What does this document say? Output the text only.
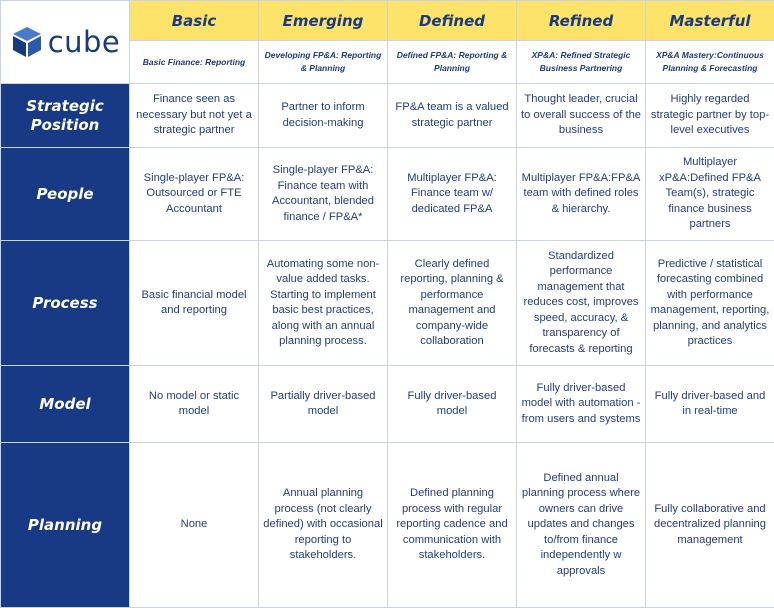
cube	Basic	Emerging	Defined	Refined	Masterful
	Basic Finance: Reporting	Developing FP&A: Reporting & Planning	Defined FP&A: Reporting & Planning	XP&A: Refined Strategic Business Partnering	XP&A Mastery:Continuous Planning & Forecasting
Strategic Position	Finance seen as necessary but not yet a strategic partner	Partner to inform decision-making	FP&A team is a valued strategic partner	Thought leader, crucial to overall success of the business	Highly regarded strategic partner by top-level executives
People	Single-player FP&A: Outsourced or FTE Accountant	Single-player FP&A: Finance team with Accountant, blended finance / FP&A*	Multiplayer FP&A: Finance team w/ dedicated FP&A	Multiplayer FP&A:FP&A team with defined roles & hierarchy.	Multiplayer xP&A:Defined FP&A Team(s), strategic finance business partners
Process	Basic financial model and reporting	Automating some non-value added tasks. Starting to implement basic best practices, along with an annual planning process.	Clearly defined reporting, planning & performance management and company-wide collaboration	Standardized performance management that reduces cost, improves speed, accuracy, & transparency of forecasts & reporting	Predictive / statistical forecasting combined with performance management, reporting, planning, and analytics practices
Model	No model or static model	Partially driver-based model	Fully driver-based model	Fully driver-based model with automation - from users and systems	Fully driver-based and in real-time
Planning	None	Annual planning process (not clearly defined) with occasional reporting to stakeholders.	Defined planning process with regular reporting cadence and communication with stakeholders.	Defined annual planning process where owners can drive updates and changes to/from finance independently w approvals	Fully collaborative and decentralized planning management
